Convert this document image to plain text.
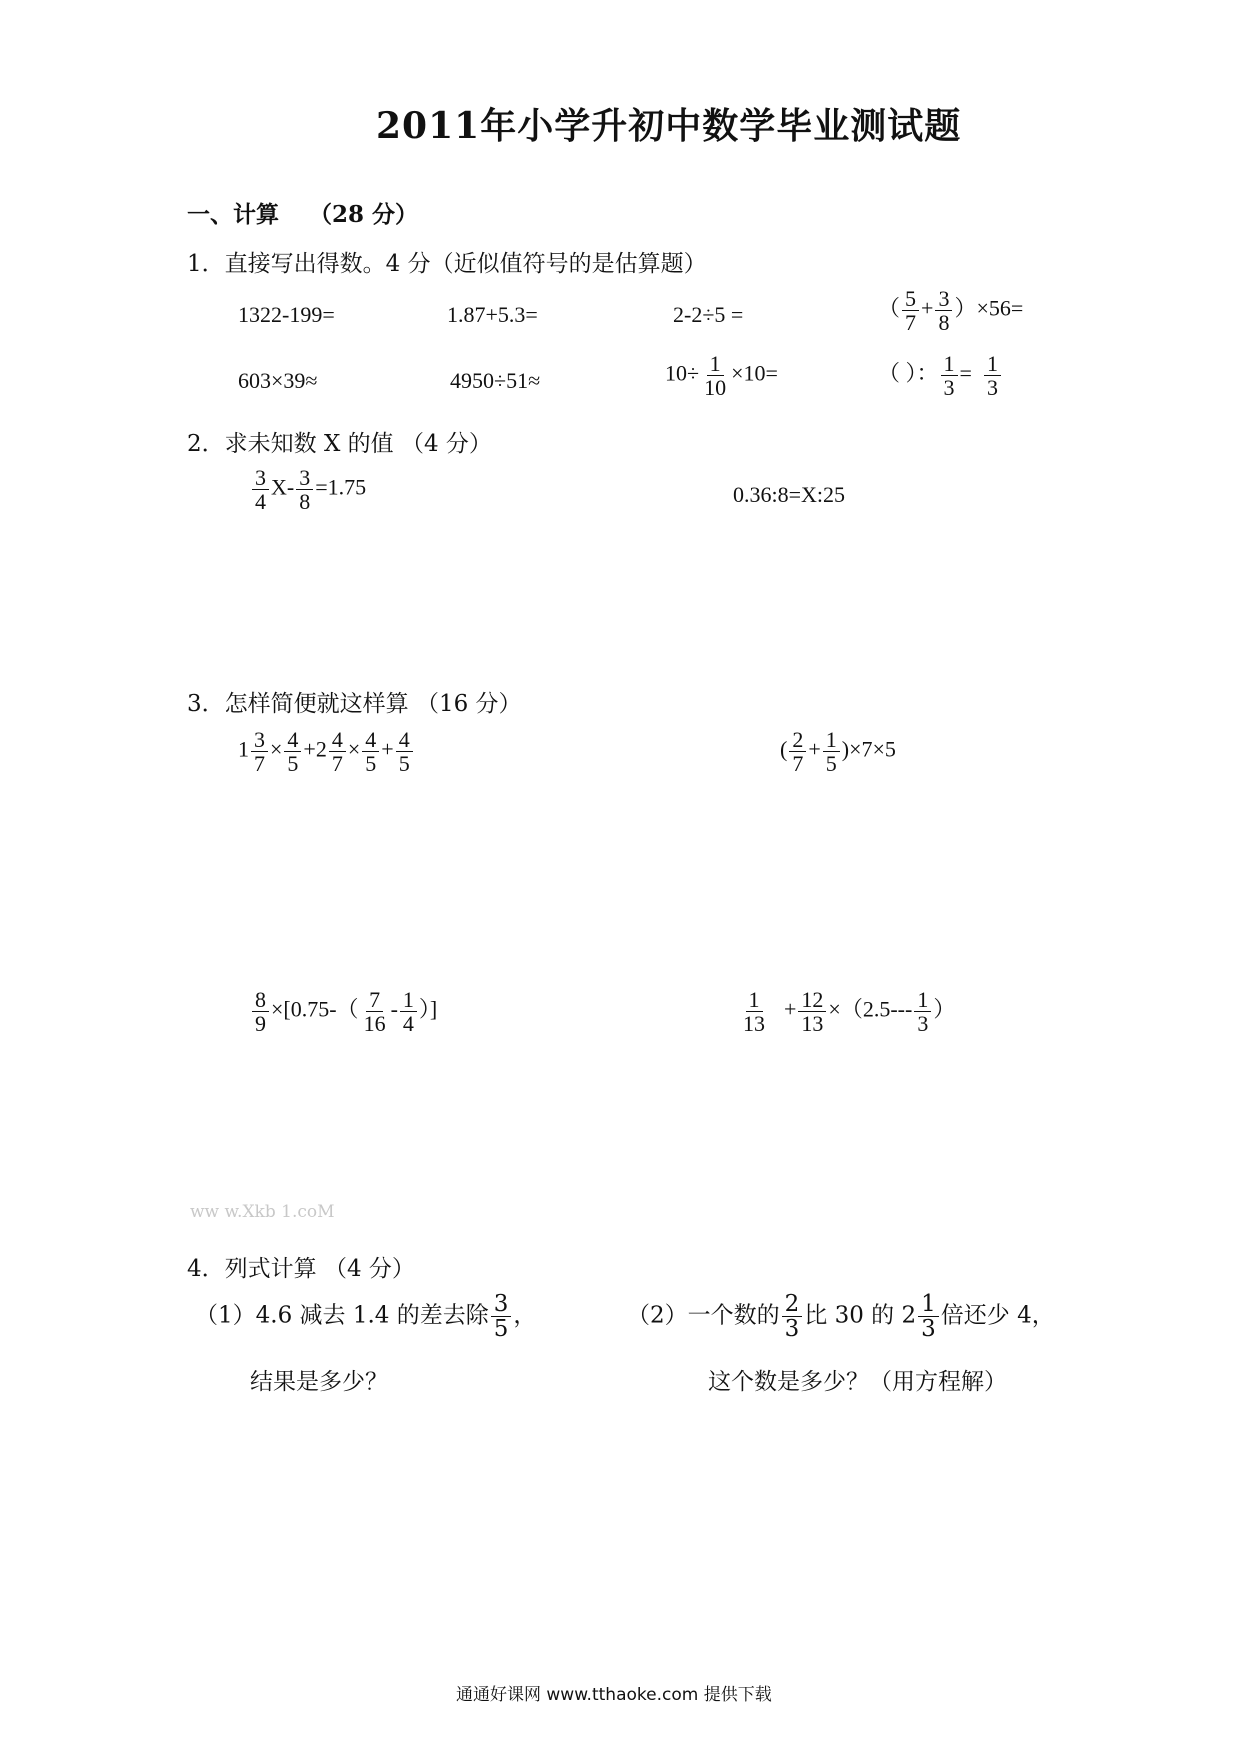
2011年小学升初中数学毕业测试题
一、计算 （28 分）
1．直接写出得数。4 分（近似值符号的是估算题）
1322-199=	1.87+5.3=	2-2÷5 =	（ $\frac{5}{7} + \frac{3}{8} )\times 56=$
603×39≈	4950÷51≈	$10\div \frac{1}{10} \times 10=$	（ ）： $\frac{1}{3} = \frac{1}{3}$
2．求未知数 X 的值 （4 分）
$\frac{3}{4} X- \frac{3}{8} =1.75$	0.36:8=X:25
3．怎样简便就这样算 （16 分）
$1 \frac{3}{7} \times \frac{4}{5} +2 \frac{4}{7} \times \frac{4}{5} + \frac{4}{5}$	( $\frac{2}{7} + \frac{1}{5} )\times 7\times 5$
$\frac{8}{9} \times[0.75-( \frac{7}{16} - \frac{1}{4}$ ）]	$\frac{1}{13} + \frac{12}{13} \times(2.5--- \frac{1}{3}$ ）
ww w.Xkb 1.coM
4．列式计算 （4 分）
（1）4.6 减去 1.4 的差去除 $\frac{3}{5}$ ，
结果是多少？
（2）一个数的 $\frac{2}{3}$ 比 30 的 $2 \frac{1}{3}$ 倍还少 4，
这个数是多少？（用方程解）
通通好课网 www.tthaoke.com 提供下载
